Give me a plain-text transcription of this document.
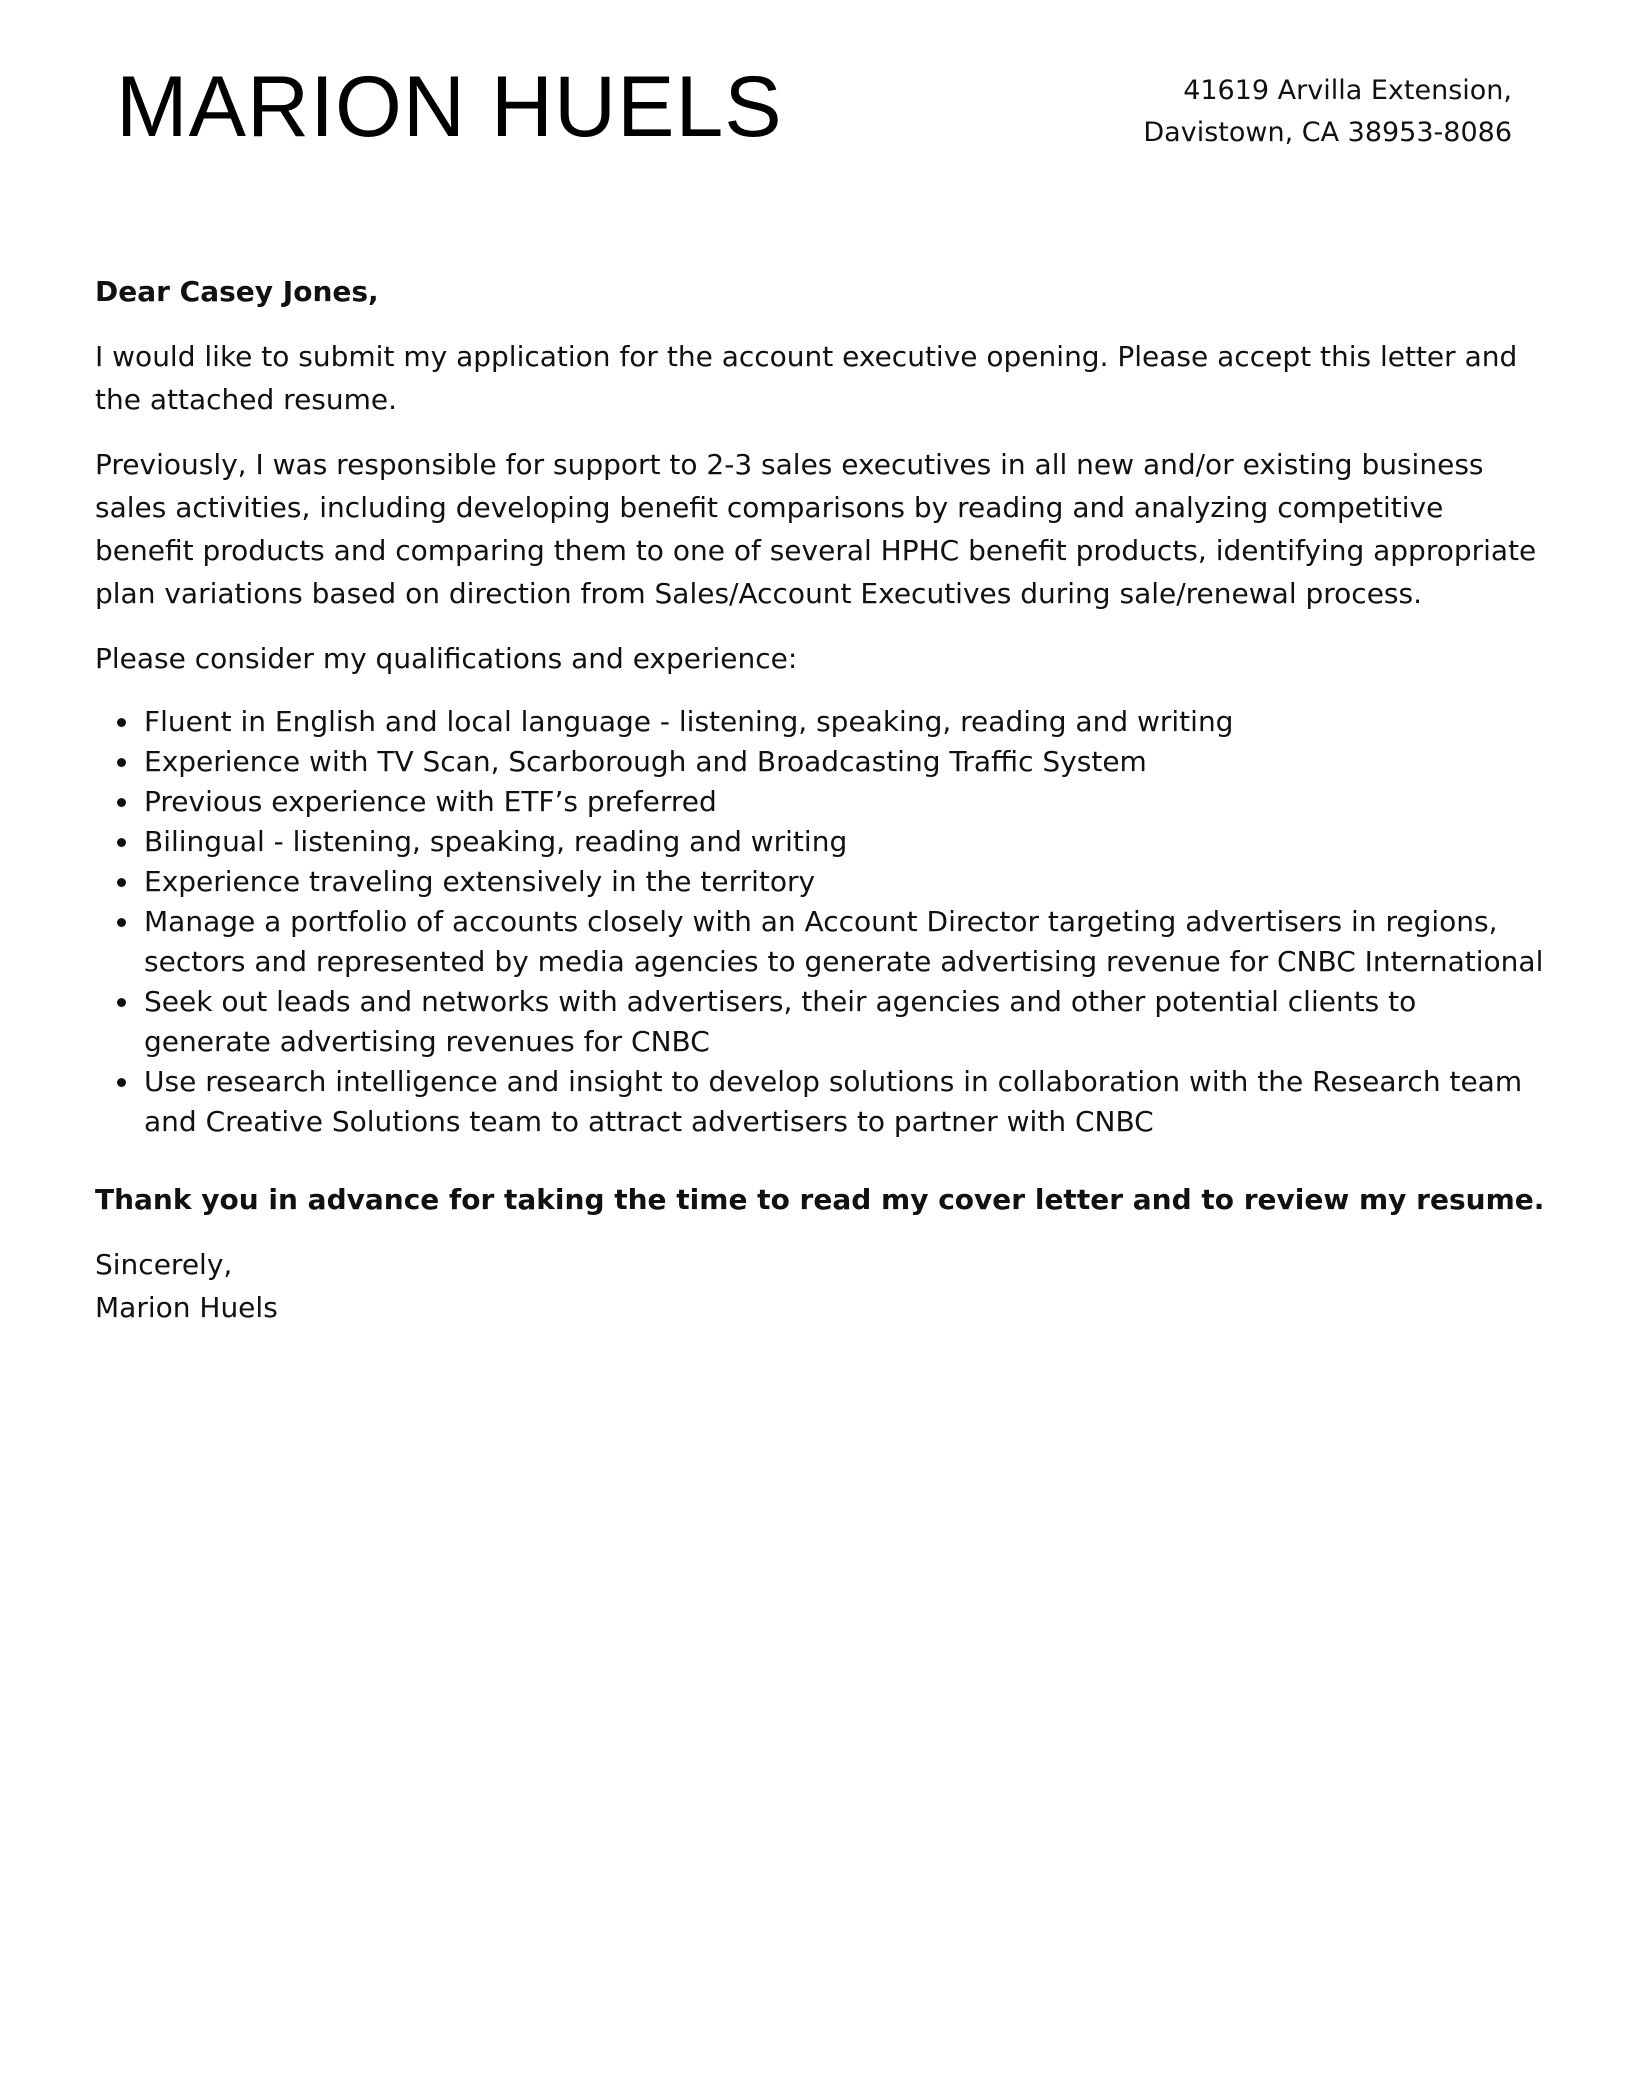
MARION HUELS	41619 Arvilla Extension,
Davistown, CA 38953-8086

Dear Casey Jones,

I would like to submit my application for the account executive opening. Please accept this letter and the attached resume.

Previously, I was responsible for support to 2-3 sales executives in all new and/or existing business sales activities, including developing benefit comparisons by reading and analyzing competitive benefit products and comparing them to one of several HPHC benefit products, identifying appropriate plan variations based on direction from Sales/Account Executives during sale/renewal process.

Please consider my qualifications and experience:

Fluent in English and local language - listening, speaking, reading and writing
Experience with TV Scan, Scarborough and Broadcasting Traffic System
Previous experience with ETF’s preferred
Bilingual - listening, speaking, reading and writing
Experience traveling extensively in the territory
Manage a portfolio of accounts closely with an Account Director targeting advertisers in regions, sectors and represented by media agencies to generate advertising revenue for CNBC International
Seek out leads and networks with advertisers, their agencies and other potential clients to generate advertising revenues for CNBC
Use research intelligence and insight to develop solutions in collaboration with the Research team and Creative Solutions team to attract advertisers to partner with CNBC

Thank you in advance for taking the time to read my cover letter and to review my resume.

Sincerely,
Marion Huels
